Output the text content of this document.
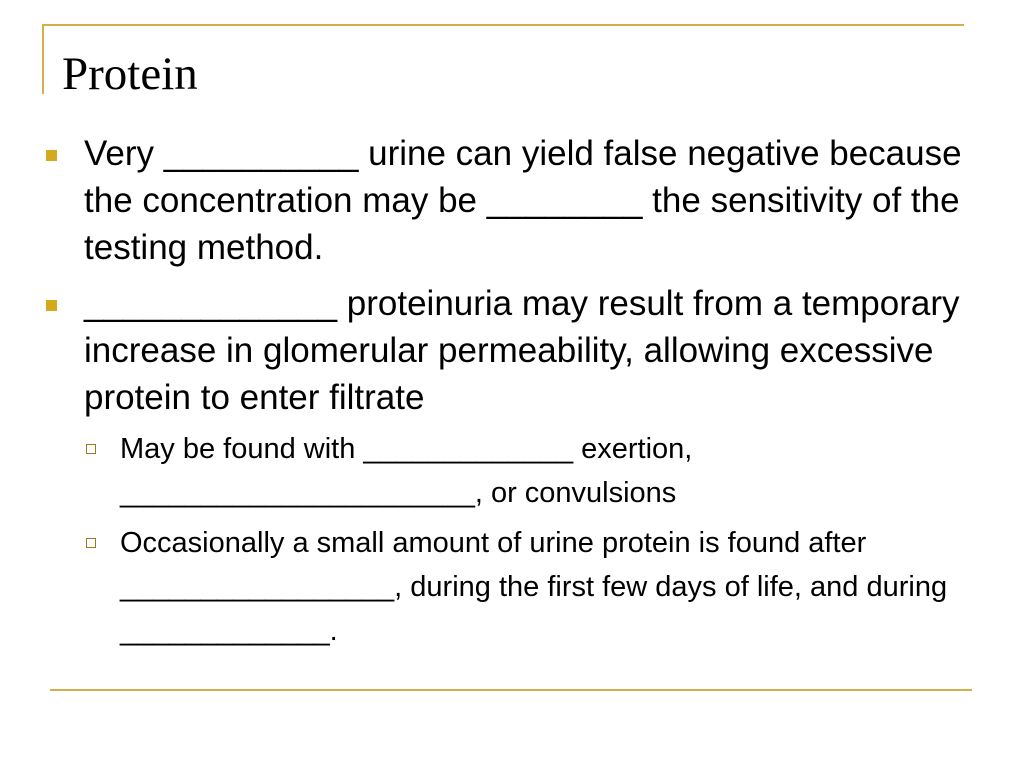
Protein
Very __________ urine can yield false negative because the concentration may be ________ the sensitivity of the testing method.
_____________ proteinuria may result from a temporary increase in glomerular permeability, allowing excessive protein to enter filtrate
May be found with _____________ exertion, ______________________, or convulsions
Occasionally a small amount of urine protein is found after _________________, during the first few days of life, and during _____________.
